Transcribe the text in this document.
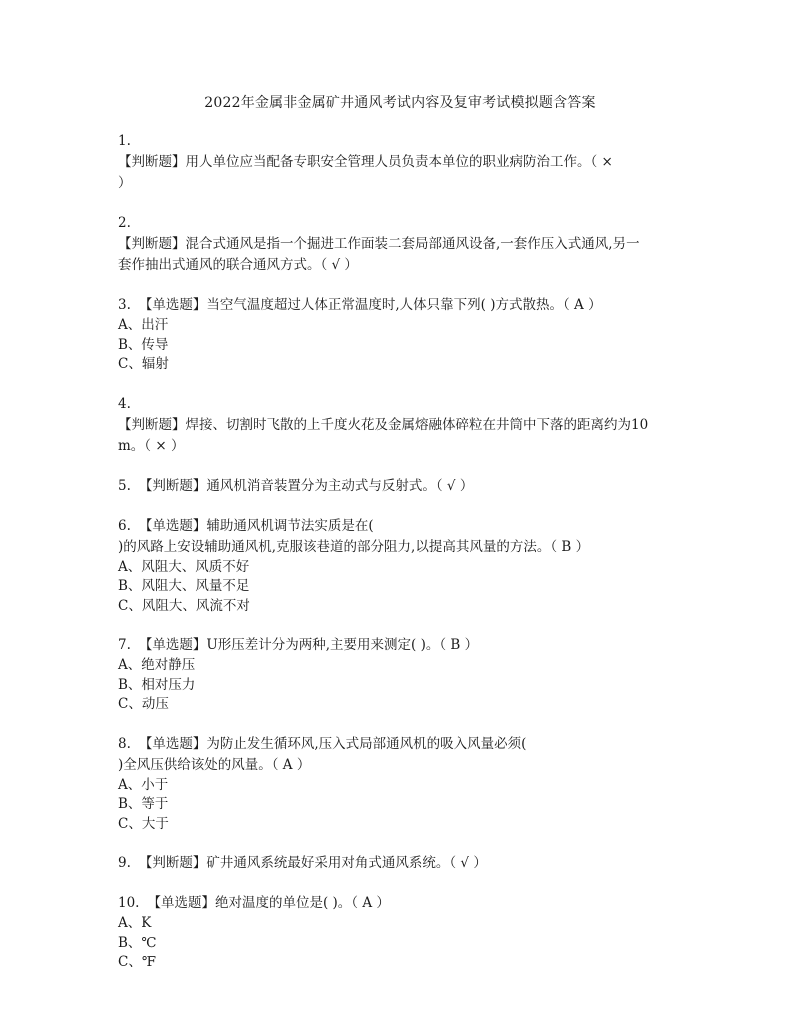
2022年金属非金属矿井通风考试内容及复审考试模拟题含答案
1.
【判断题】用人单位应当配备专职安全管理人员负责本单位的职业病防治工作。（ ×
）
2.
【判断题】混合式通风是指一个掘进工作面装二套局部通风设备,一套作压入式通风,另一
套作抽出式通风的联合通风方式。（ √ ）
3. 【单选题】当空气温度超过人体正常温度时,人体只靠下列( )方式散热。（ A ）
A、出汗
B、传导
C、辐射
4.
【判断题】焊接、切割时飞散的上千度火花及金属熔融体碎粒在井筒中下落的距离约为10
m。（ × ）
5. 【判断题】通风机消音装置分为主动式与反射式。（ √ ）
6. 【单选题】辅助通风机调节法实质是在(
)的风路上安设辅助通风机,克服该巷道的部分阻力,以提高其风量的方法。（ B ）
A、风阻大、风质不好
B、风阻大、风量不足
C、风阻大、风流不对
7. 【单选题】U形压差计分为两种,主要用来测定( )。（ B ）
A、绝对静压
B、相对压力
C、动压
8. 【单选题】为防止发生循环风,压入式局部通风机的吸入风量必须(
)全风压供给该处的风量。（ A ）
A、小于
B、等于
C、大于
9. 【判断题】矿井通风系统最好采用对角式通风系统。（ √ ）
10. 【单选题】绝对温度的单位是( )。（ A ）
A、K
B、℃
C、℉
